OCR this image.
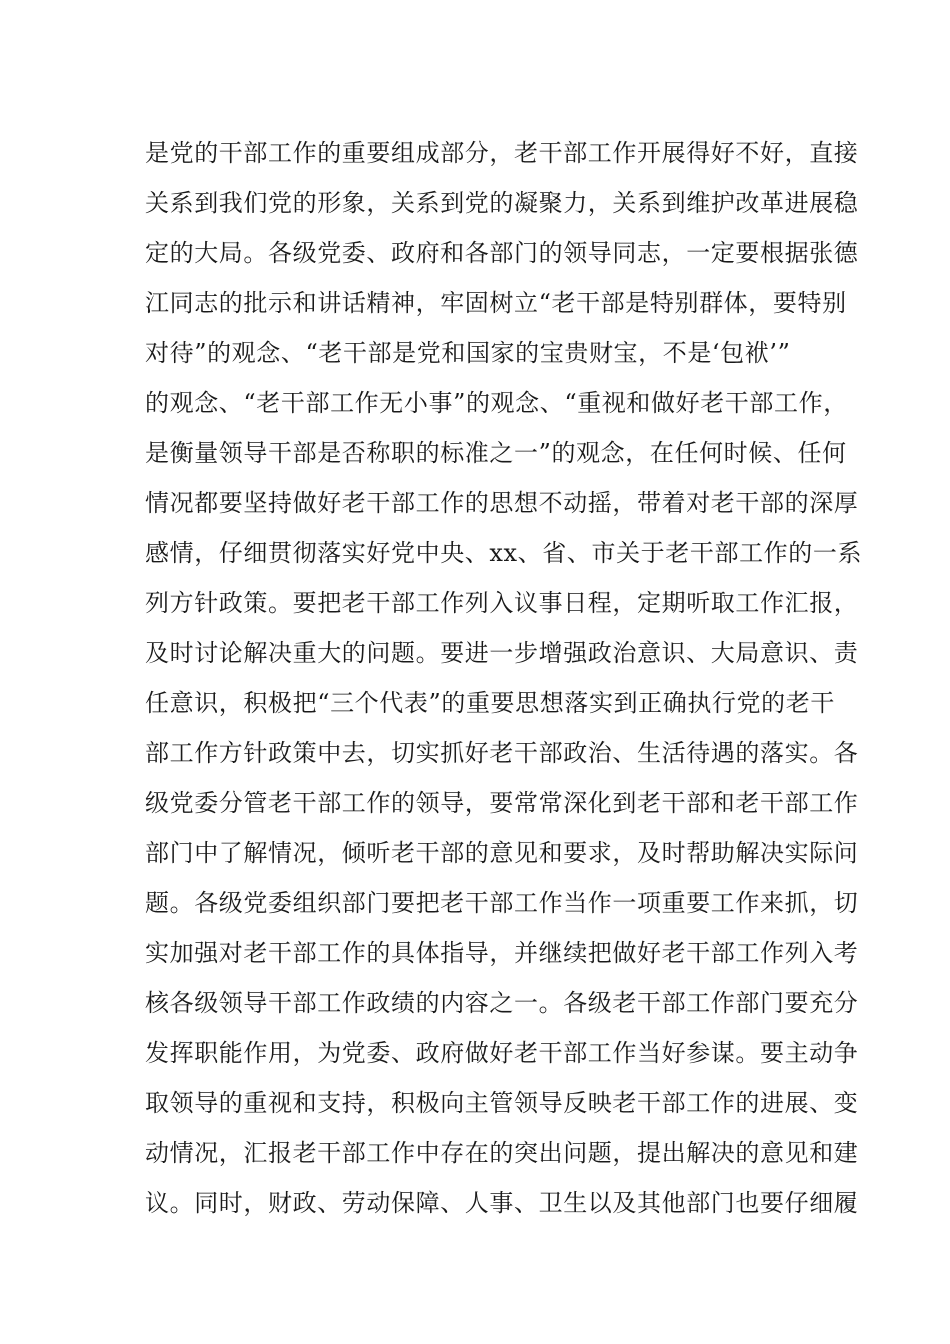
是党的干部工作的重要组成部分，老干部工作开展得好不好，直接
关系到我们党的形象，关系到党的凝聚力，关系到维护改革进展稳
定的大局。各级党委、政府和各部门的领导同志，一定要根据张德
江同志的批示和讲话精神，牢固树立“老干部是特别群体，要特别
对待”的观念、“老干部是党和国家的宝贵财宝，不是‘包袱’”
的观念、“老干部工作无小事”的观念、“重视和做好老干部工作，
是衡量领导干部是否称职的标准之一”的观念，在任何时候、任何
情况都要坚持做好老干部工作的思想不动摇，带着对老干部的深厚
感情，仔细贯彻落实好党中央、xx、省、市关于老干部工作的一系
列方针政策。要把老干部工作列入议事日程，定期听取工作汇报，
及时讨论解决重大的问题。要进一步增强政治意识、大局意识、责
任意识，积极把“三个代表”的重要思想落实到正确执行党的老干
部工作方针政策中去，切实抓好老干部政治、生活待遇的落实。各
级党委分管老干部工作的领导，要常常深化到老干部和老干部工作
部门中了解情况，倾听老干部的意见和要求，及时帮助解决实际问
题。各级党委组织部门要把老干部工作当作一项重要工作来抓，切
实加强对老干部工作的具体指导，并继续把做好老干部工作列入考
核各级领导干部工作政绩的内容之一。各级老干部工作部门要充分
发挥职能作用，为党委、政府做好老干部工作当好参谋。要主动争
取领导的重视和支持，积极向主管领导反映老干部工作的进展、变
动情况，汇报老干部工作中存在的突出问题，提出解决的意见和建
议。同时，财政、劳动保障、人事、卫生以及其他部门也要仔细履
